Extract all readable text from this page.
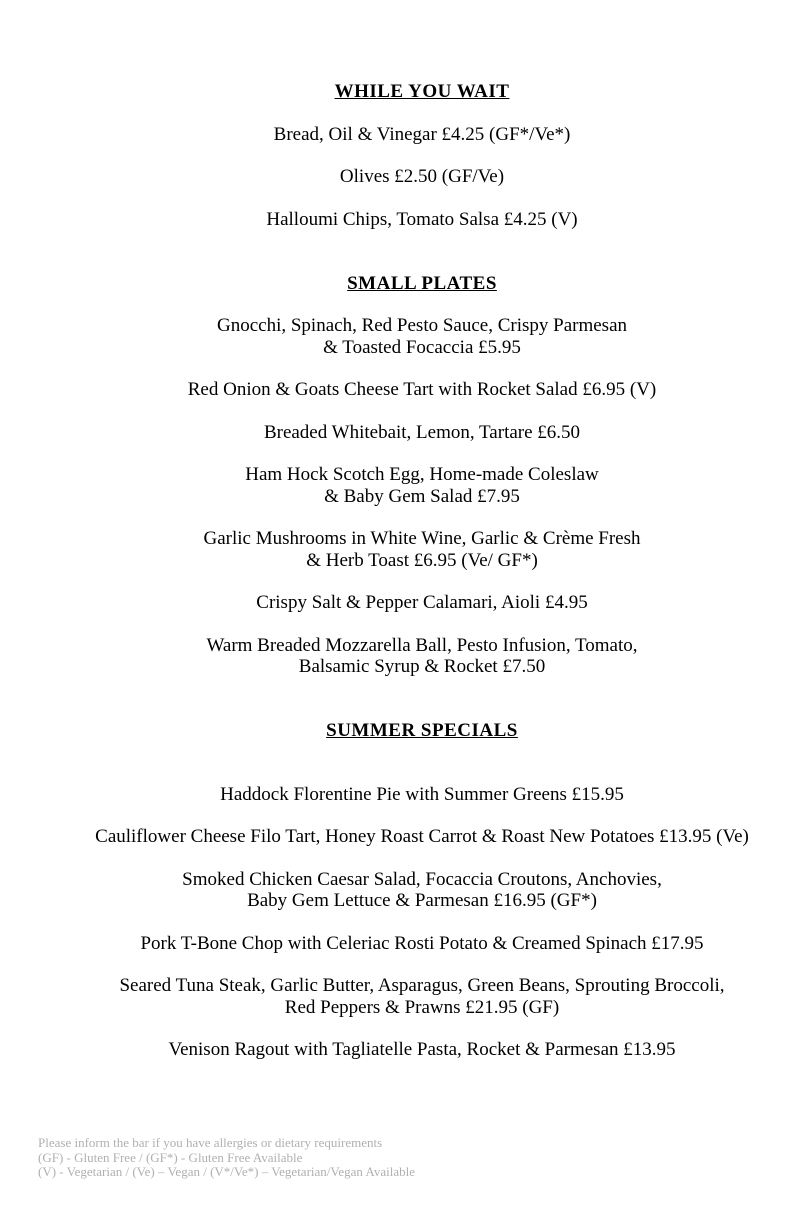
WHILE YOU WAIT
Bread, Oil & Vinegar £4.25 (GF*/Ve*)
Olives £2.50 (GF/Ve)
Halloumi Chips, Tomato Salsa £4.25 (V)
SMALL PLATES
Gnocchi, Spinach, Red Pesto Sauce, Crispy Parmesan
& Toasted Focaccia £5.95
Red Onion & Goats Cheese Tart with Rocket Salad £6.95 (V)
Breaded Whitebait, Lemon, Tartare £6.50
Ham Hock Scotch Egg, Home-made Coleslaw
& Baby Gem Salad £7.95
Garlic Mushrooms in White Wine, Garlic & Crème Fresh
& Herb Toast £6.95 (Ve/ GF*)
Crispy Salt & Pepper Calamari, Aioli £4.95
Warm Breaded Mozzarella Ball, Pesto Infusion, Tomato,
Balsamic Syrup & Rocket £7.50
SUMMER SPECIALS
Haddock Florentine Pie with Summer Greens £15.95
Cauliflower Cheese Filo Tart, Honey Roast Carrot & Roast New Potatoes £13.95 (Ve)
Smoked Chicken Caesar Salad, Focaccia Croutons, Anchovies,
Baby Gem Lettuce & Parmesan £16.95 (GF*)
Pork T-Bone Chop with Celeriac Rosti Potato & Creamed Spinach £17.95
Seared Tuna Steak, Garlic Butter, Asparagus, Green Beans, Sprouting Broccoli,
Red Peppers & Prawns £21.95 (GF)
Venison Ragout with Tagliatelle Pasta, Rocket & Parmesan £13.95
Please inform the bar if you have allergies or dietary requirements
(GF) - Gluten Free / (GF*) - Gluten Free Available
(V) - Vegetarian / (Ve) – Vegan / (V*/Ve*) – Vegetarian/Vegan Available
